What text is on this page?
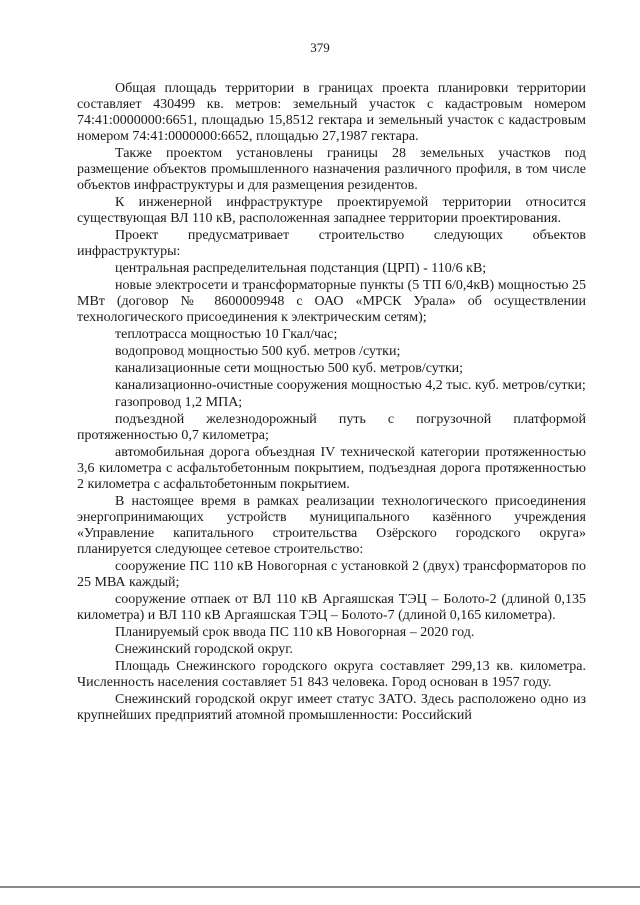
379

Общая площадь территории в границах проекта планировки территории составляет 430499 кв. метров: земельный участок с кадастровым номером 74:41:0000000:6651, площадью 15,8512 гектара и земельный участок с кадастровым номером 74:41:0000000:6652, площадью 27,1987 гектара.

Также проектом установлены границы 28 земельных участков под размещение объектов промышленного назначения различного профиля, в том числе объектов инфраструктуры и для размещения резидентов.

К инженерной инфраструктуре проектируемой территории относится существующая ВЛ 110 кВ, расположенная западнее территории проектирования.

Проект предусматривает строительство следующих объектов инфраструктуры:

центральная распределительная подстанция (ЦРП) - 110/6 кВ;

новые электросети и трансформаторные пункты (5 ТП 6/0,4кВ) мощностью 25 МВт (договор № 8600009948 с ОАО «МРСК Урала» об осуществлении технологического присоединения к электрическим сетям);

теплотрасса мощностью 10 Гкал/час;

водопровод мощностью 500 куб. метров /сутки;

канализационные сети мощностью 500 куб. метров/сутки;

канализационно-очистные сооружения мощностью 4,2 тыс. куб. метров/сутки;

газопровод 1,2 МПА;

подъездной железнодорожный путь с погрузочной платформой протяженностью 0,7 километра;

автомобильная дорога объездная IV технической категории протяженностью 3,6 километра с асфальтобетонным покрытием, подъездная дорога протяженностью 2 километра с асфальтобетонным покрытием.

В настоящее время в рамках реализации технологического присоединения энергопринимающих устройств муниципального казённого учреждения «Управление капитального строительства Озёрского городского округа» планируется следующее сетевое строительство:

сооружение ПС 110 кВ Новогорная с установкой 2 (двух) трансформаторов по 25 МВА каждый;

сооружение отпаек от ВЛ 110 кВ Аргаяшская ТЭЦ – Болото-2 (длиной 0,135 километра) и ВЛ 110 кВ Аргаяшская ТЭЦ – Болото-7 (длиной 0,165 километра).

Планируемый срок ввода ПС 110 кВ Новогорная – 2020 год.

Снежинский городской округ.

Площадь Снежинского городского округа составляет 299,13 кв. километра. Численность населения составляет 51 843 человека. Город основан в 1957 году.

Снежинский городской округ имеет статус ЗАТО. Здесь расположено одно из крупнейших предприятий атомной промышленности: Российский
